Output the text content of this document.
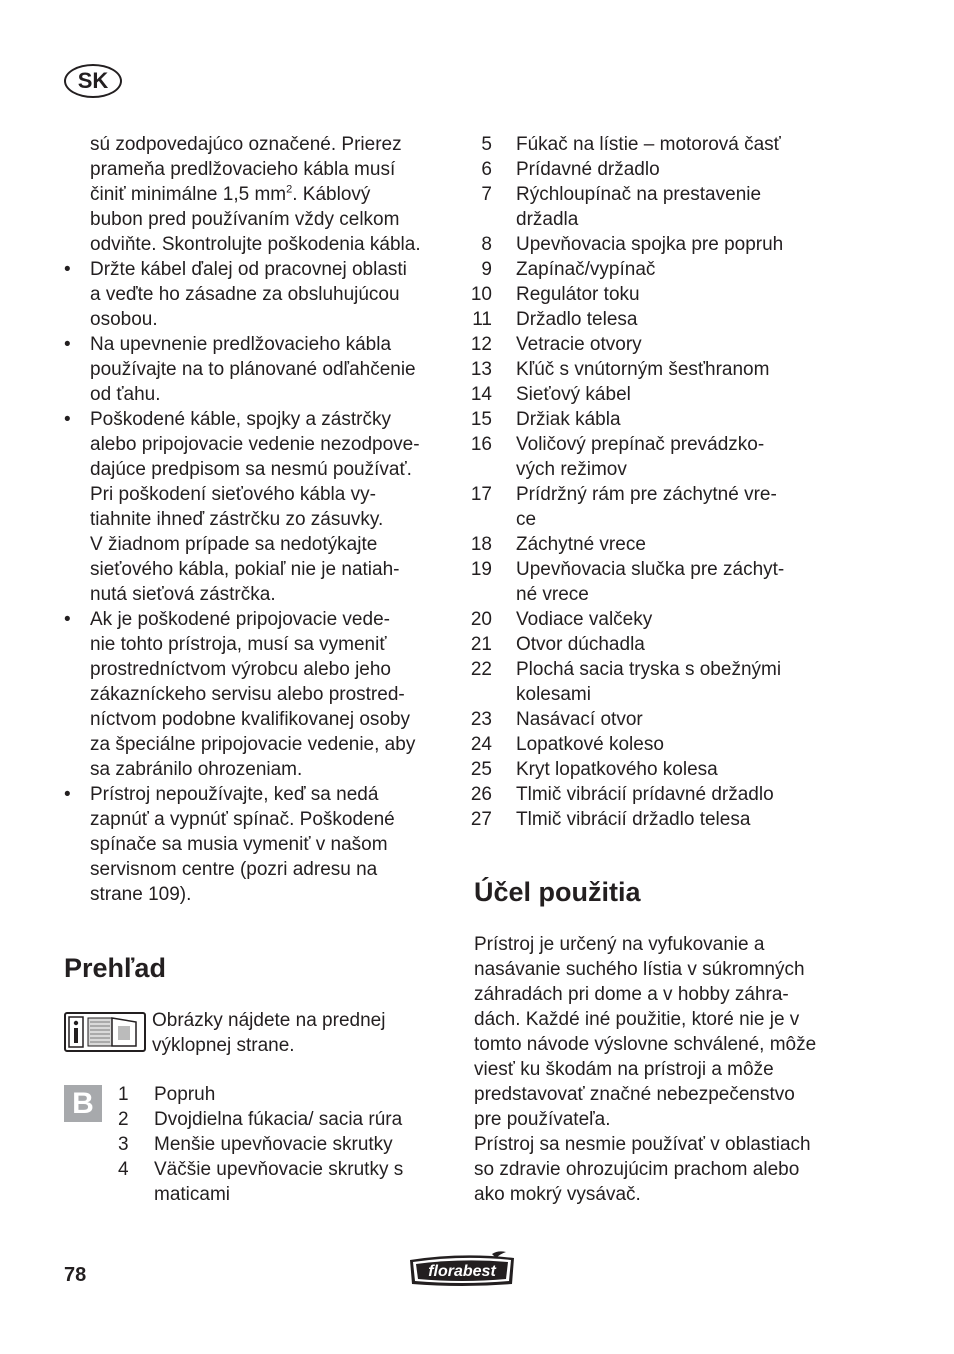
SK
sú zodpovedajúco označené. Prierez
prameňa predlžovacieho kábla musí
činiť minimálne 1,5 $mm^2$. Káblový
bubon pred používaním vždy celkom
odviňte. Skontrolujte poškodenia kábla.
• Držte kábel ďalej od pracovnej oblasti
a veďte ho zásadne za obsluhujúcou
osobou.
• Na upevnenie predlžovacieho kábla
používajte na to plánované odľahčenie
od ťahu.
• Poškodené káble, spojky a zástrčky
alebo pripojovacie vedenie nezodpove-
dajúce predpisom sa nesmú používať.
Pri poškodení sieťového kábla vy-
tiahnite ihneď zástrčku zo zásuvky.
V žiadnom prípade sa nedotýkajte
sieťového kábla, pokiaľ nie je natiah-
nutá sieťová zástrčka.
• Ak je poškodené pripojovacie vede-
nie tohto prístroja, musí sa vymeniť
prostredníctvom výrobcu alebo jeho
zákazníckeho servisu alebo prostred-
níctvom podobne kvalifikovanej osoby
za špeciálne pripojovacie vedenie, aby
sa zabránilo ohrozeniam.
• Prístroj nepoužívajte, keď sa nedá
zapnúť a vypnúť spínač. Poškodené
spínače sa musia vymeniť v našom
servisnom centre (pozri adresu na
strane 109).
Prehľad
Obrázky nájdete na prednej
výklopnej strane.
B	1	Popruh
2	Dvojdielna fúkacia/ sacia rúra
3	Menšie upevňovacie skrutky
4	Väčšie upevňovacie skrutky s
maticami
5	Fúkač na lístie – motorová časť
6	Prídavné držadlo
7	Rýchloupínač na prestavenie
držadla
8	Upevňovacia spojka pre popruh
9	Zapínač/vypínač
10	Regulátor toku
11	Držadlo telesa
12	Vetracie otvory
13	Kľúč s vnútorným šesťhranom
14	Sieťový kábel
15	Držiak kábla
16	Voličový prepínač prevádzko-
vých režimov
17	Prídržný rám pre záchytné vre-
ce
18	Záchytné vrece
19	Upevňovacia slučka pre záchyt-
né vrece
20	Vodiace valčeky
21	Otvor dúchadla
22	Plochá sacia tryska s obežnými
kolesami
23	Nasávací otvor
24	Lopatkové koleso
25	Kryt lopatkového kolesa
26	Tlmič vibrácií prídavné držadlo
27	Tlmič vibrácií držadlo telesa
Účel použitia
Prístroj je určený na vyfukovanie a
nasávanie suchého lístia v súkromných
záhradách pri dome a v hobby záhra-
dách. Každé iné použitie, ktoré nie je v
tomto návode výslovne schválené, môže
viesť ku škodám na prístroji a môže
predstavovať značné nebezpečenstvo
pre používateľa.
Prístroj sa nesmie používať v oblastiach
so zdravie ohrozujúcim prachom alebo
ako mokrý vysávač.
78	florabest
